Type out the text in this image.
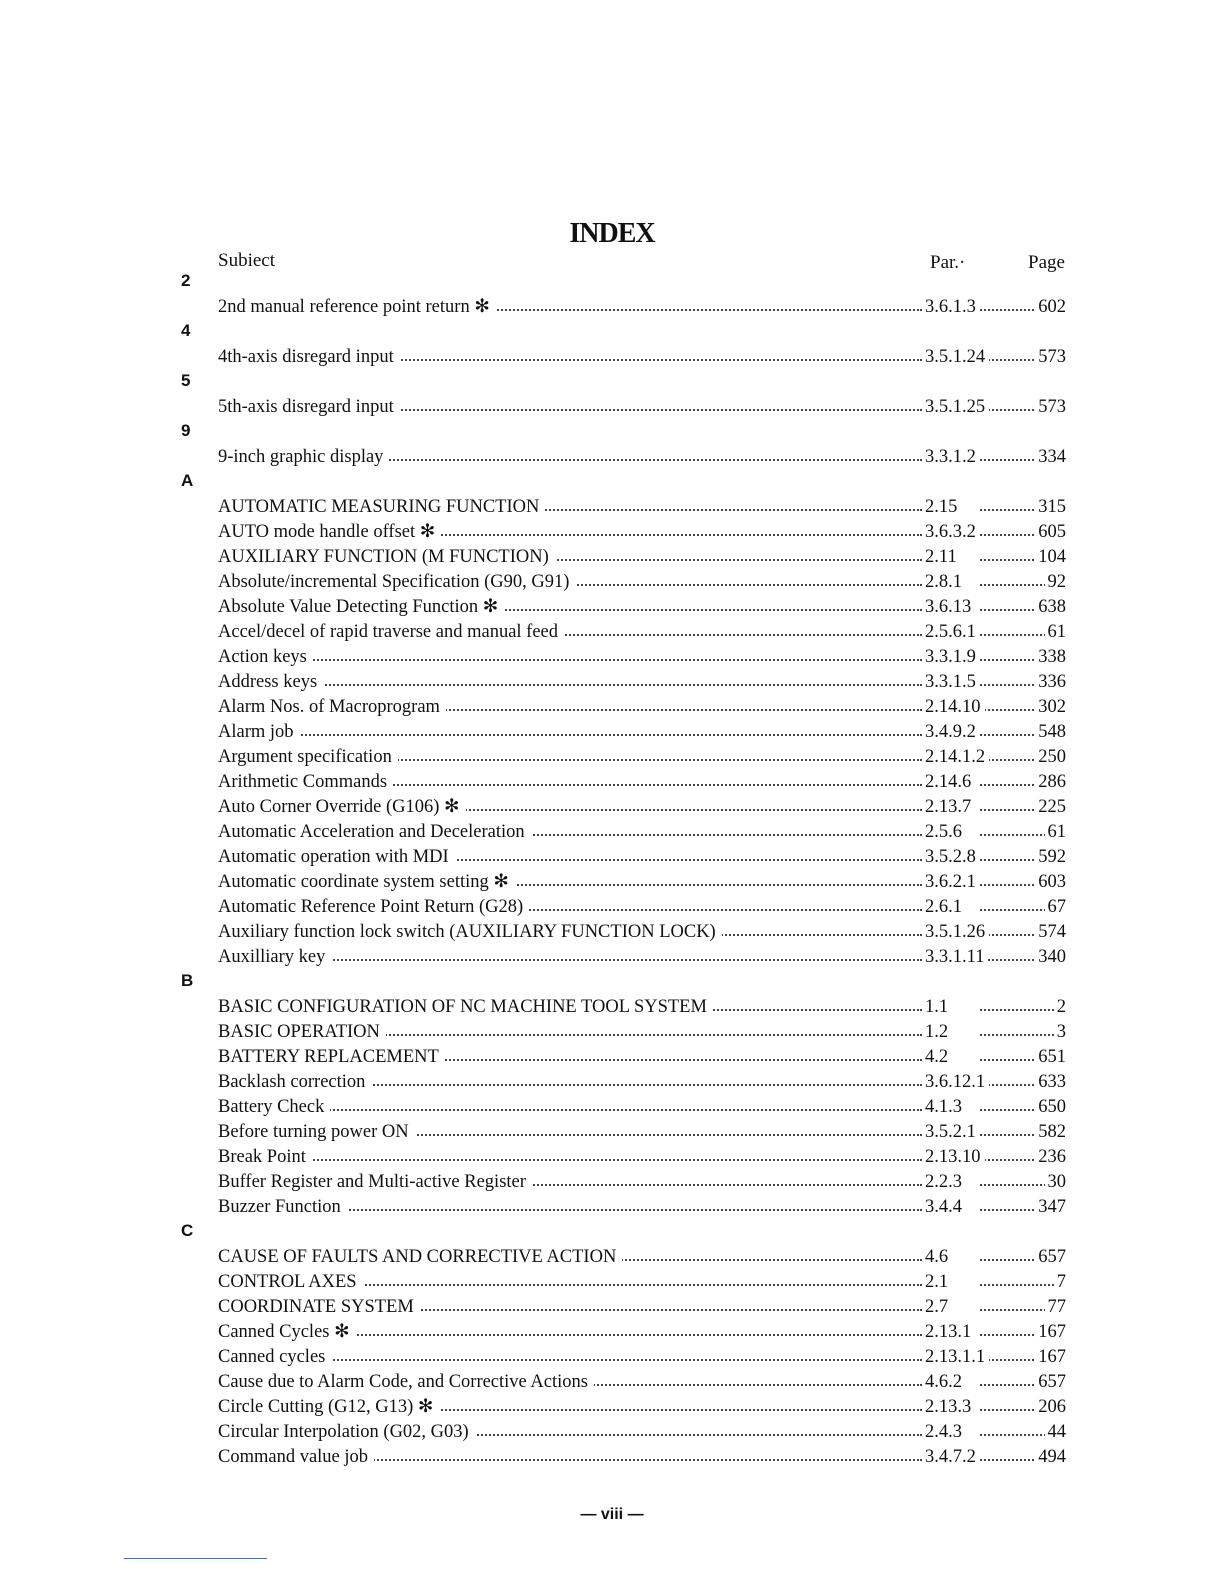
INDEX
Subiect	Par.·	Page
2
2nd manual reference point return ✻	3.6.1.3	602
4
4th-axis disregard input	3.5.1.24	573
5
5th-axis disregard input	3.5.1.25	573
9
9-inch graphic display	3.3.1.2	334
A
AUTOMATIC MEASURING FUNCTION	2.15	315
AUTO mode handle offset ✻	3.6.3.2	605
AUXILIARY FUNCTION (M FUNCTION)	2.11	104
Absolute/incremental Specification (G90, G91)	2.8.1	92
Absolute Value Detecting Function ✻	3.6.13	638
Accel/decel of rapid traverse and manual feed	2.5.6.1	61
Action keys	3.3.1.9	338
Address keys	3.3.1.5	336
Alarm Nos. of Macroprogram	2.14.10	302
Alarm job	3.4.9.2	548
Argument specification	2.14.1.2	250
Arithmetic Commands	2.14.6	286
Auto Corner Override (G106) ✻	2.13.7	225
Automatic Acceleration and Deceleration	2.5.6	61
Automatic operation with MDI	3.5.2.8	592
Automatic coordinate system setting ✻	3.6.2.1	603
Automatic Reference Point Return (G28)	2.6.1	67
Auxiliary function lock switch (AUXILIARY FUNCTION LOCK)	3.5.1.26	574
Auxilliary key	3.3.1.11	340
B
BASIC CONFIGURATION OF NC MACHINE TOOL SYSTEM	1.1	2
BASIC OPERATION	1.2	3
BATTERY REPLACEMENT	4.2	651
Backlash correction	3.6.12.1	633
Battery Check	4.1.3	650
Before turning power ON	3.5.2.1	582
Break Point	2.13.10	236
Buffer Register and Multi-active Register	2.2.3	30
Buzzer Function	3.4.4	347
C
CAUSE OF FAULTS AND CORRECTIVE ACTION	4.6	657
CONTROL AXES	2.1	7
COORDINATE SYSTEM	2.7	77
Canned Cycles ✻	2.13.1	167
Canned cycles	2.13.1.1	167
Cause due to Alarm Code, and Corrective Actions	4.6.2	657
Circle Cutting (G12, G13) ✻	2.13.3	206
Circular Interpolation (G02, G03)	2.4.3	44
Command value job	3.4.7.2	494
— viii —
